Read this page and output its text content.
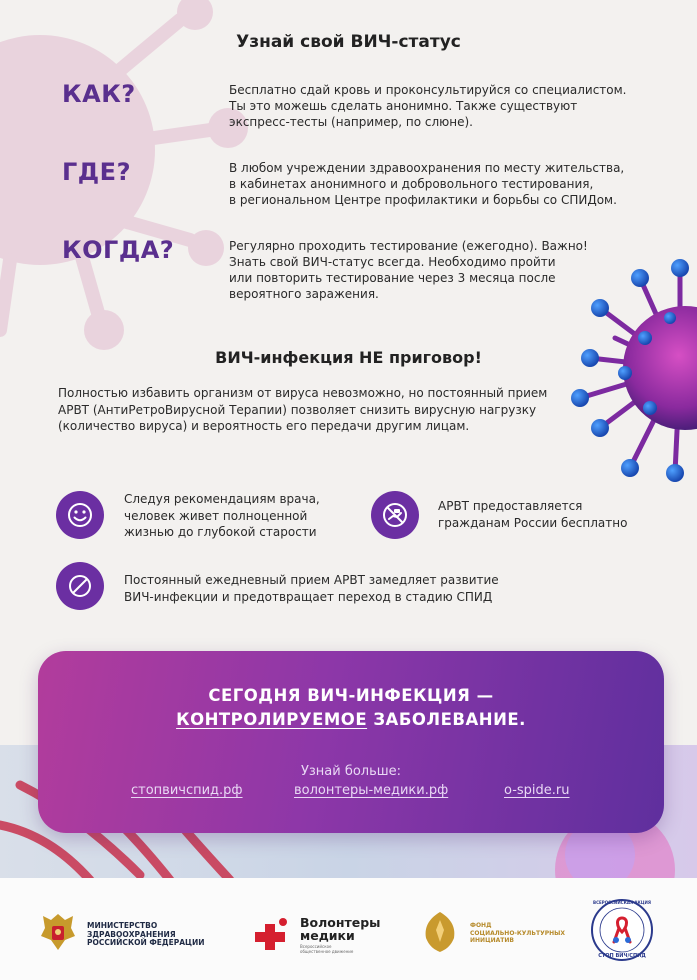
Узнай свой ВИЧ-статус
КАК?	Бесплатно сдай кровь и проконсультируйся со специалистом.
Ты это можешь сделать анонимно. Также существуют
экспресс-тесты (например, по слюне).
ГДЕ?	В любом учреждении здравоохранения по месту жительства,
в кабинетах анонимного и добровольного тестирования,
в региональном Центре профилактики и борьбы со СПИДом.
КОГДА?	Регулярно проходить тестирование (ежегодно). Важно!
Знать свой ВИЧ-статус всегда. Необходимо пройти
или повторить тестирование через 3 месяца после
вероятного заражения.
ВИЧ-инфекция НЕ приговор!
Полностью избавить организм от вируса невозможно, но постоянный прием
АРВТ (АнтиРетроВирусной Терапии) позволяет снизить вирусную нагрузку
(количество вируса) и вероятность его передачи другим лицам.
Следуя рекомендациям врача,
человек живет полноценной
жизнью до глубокой старости
АРВТ предоставляется
гражданам России бесплатно
Постоянный ежедневный прием АРВТ замедляет развитие
ВИЧ-инфекции и предотвращает переход в стадию СПИД
СЕГОДНЯ ВИЧ-ИНФЕКЦИЯ —
КОНТРОЛИРУЕМОЕ ЗАБОЛЕВАНИЕ.
Узнай больше:
стопвичспид.рф	волонтеры-медики.рф	o-spide.ru
МИНИСТЕРСТВО
ЗДРАВООХРАНЕНИЯ
РОССИЙСКОЙ ФЕДЕРАЦИИ
Волонтеры
медики
Всероссийское
общественное движение
ФОНД
СОЦИАЛЬНО-КУЛЬТУРНЫХ
ИНИЦИАТИВ
ВСЕРОССИЙСКАЯ АКЦИЯ
СТОП ВИЧ/СПИД
